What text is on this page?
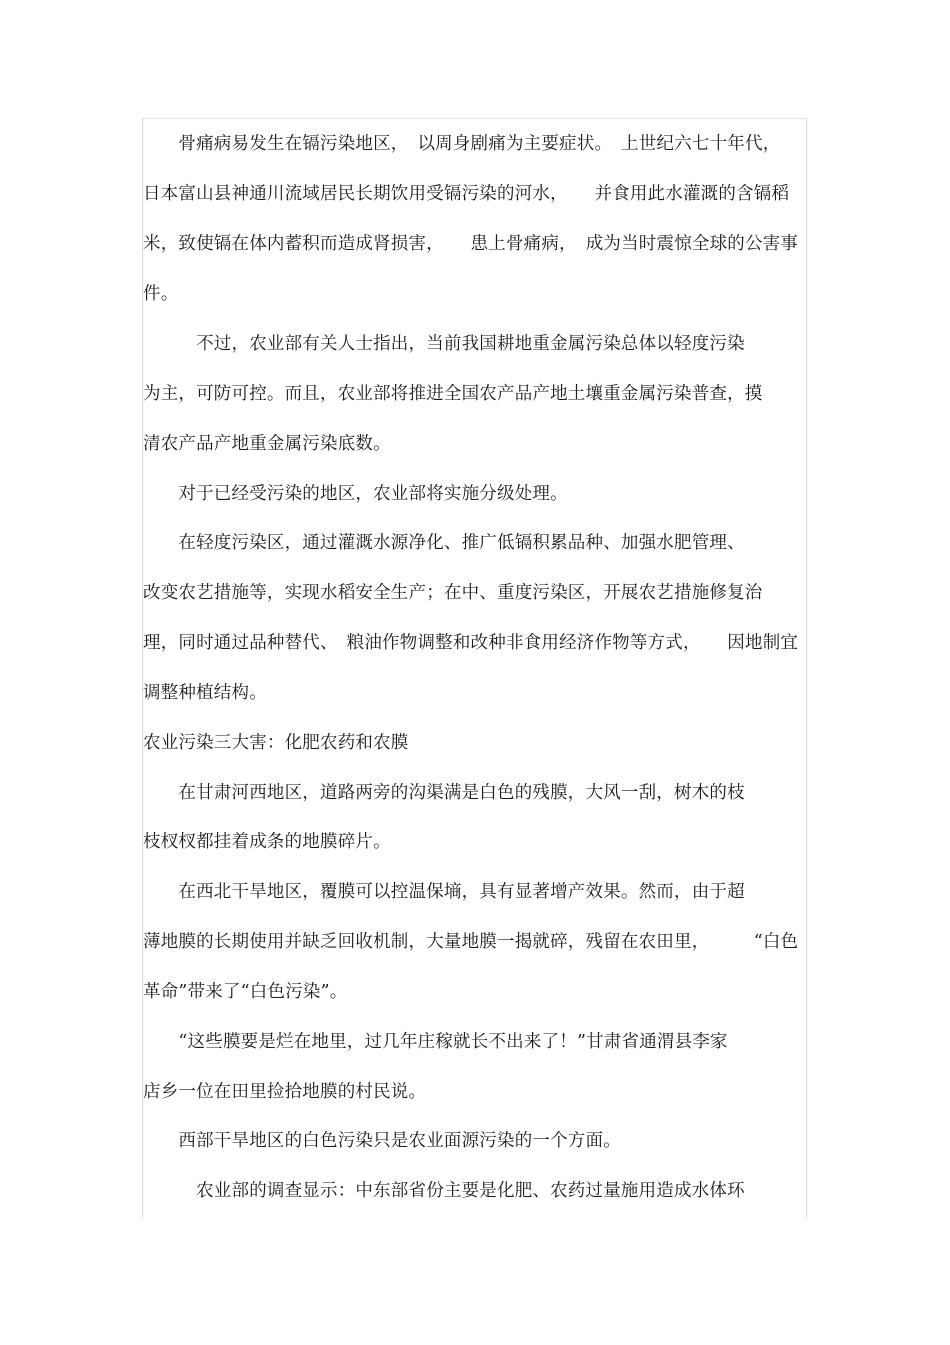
　　骨痛病易发生在镉污染地区，　以周身剧痛为主要症状。　上世纪六七十年代，
日本富山县神通川流域居民长期饮用受镉污染的河水，　　并食用此水灌溉的含镉稻
米，致使镉在体内蓄积而造成肾损害，　　患上骨痛病，　成为当时震惊全球的公害事
件。
　　　不过，农业部有关人士指出，当前我国耕地重金属污染总体以轻度污染
为主，可防可控。而且，农业部将推进全国农产品产地土壤重金属污染普查，摸
清农产品产地重金属污染底数。
　　对于已经受污染的地区，农业部将实施分级处理。
　　在轻度污染区，通过灌溉水源净化、推广低镉积累品种、加强水肥管理、
改变农艺措施等，实现水稻安全生产；在中、重度污染区，开展农艺措施修复治
理，同时通过品种替代、　粮油作物调整和改种非食用经济作物等方式，　　因地制宜
调整种植结构。
农业污染三大害：化肥农药和农膜
　　在甘肃河西地区，道路两旁的沟渠满是白色的残膜，大风一刮，树木的枝
枝杈杈都挂着成条的地膜碎片。
　　在西北干旱地区，覆膜可以控温保墒，具有显著增产效果。然而，由于超
薄地膜的长期使用并缺乏回收机制，大量地膜一揭就碎，残留在农田里，　　　“白色
革命”带来了“白色污染”。
　　“这些膜要是烂在地里，过几年庄稼就长不出来了！”甘肃省通渭县李家
店乡一位在田里捡拾地膜的村民说。
　　西部干旱地区的白色污染只是农业面源污染的一个方面。
　　　农业部的调查显示：中东部省份主要是化肥、农药过量施用造成水体环
